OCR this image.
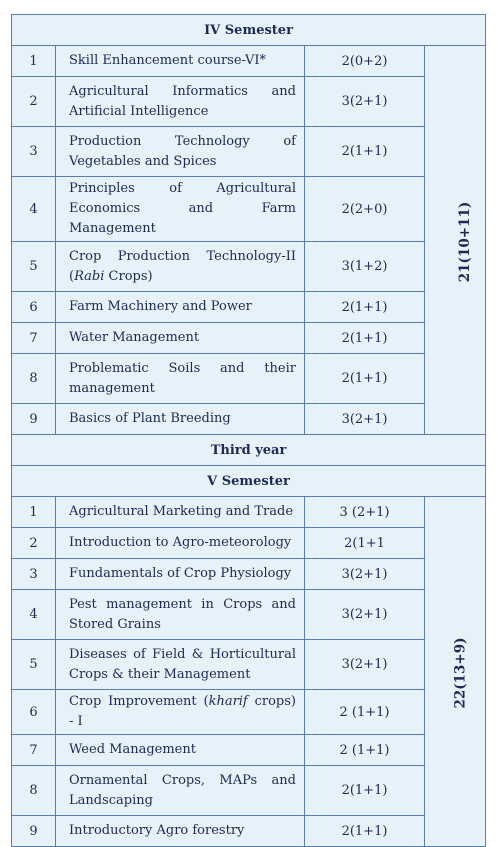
IV Semester			
1	Skill Enhancement course-VI*	2(0+2)	21(10+11)
2	Agricultural Informatics and
Artificial Intelligence	3(2+1)	
3	Production Technology of
Vegetables and Spices	2(1+1)	
4	Principles of Agricultural
Economics and Farm Management	2(2+0)	
5	Crop Production Technology-II
(Rabi Crops)	3(1+2)	
6	Farm Machinery and Power	2(1+1)	
7	Water Management	2(1+1)	
8	Problematic Soils and their
management	2(1+1)	
9	Basics of Plant Breeding	3(2+1)	
Third year			
V Semester			
1	Agricultural Marketing and Trade	3 (2+1)	22(13+9)
2	Introduction to Agro-meteorology	2(1+1	
3	Fundamentals of Crop Physiology	3(2+1)	
4	Pest management in Crops and
Stored Grains	3(2+1)	
5	Diseases of Field & Horticultural
Crops & their Management	3(2+1)	
6	Crop Improvement (kharif crops) - I	2 (1+1)	
7	Weed Management	2 (1+1)	
8	Ornamental Crops, MAPs and
Landscaping	2(1+1)	
9	Introductory Agro forestry	2(1+1)	
